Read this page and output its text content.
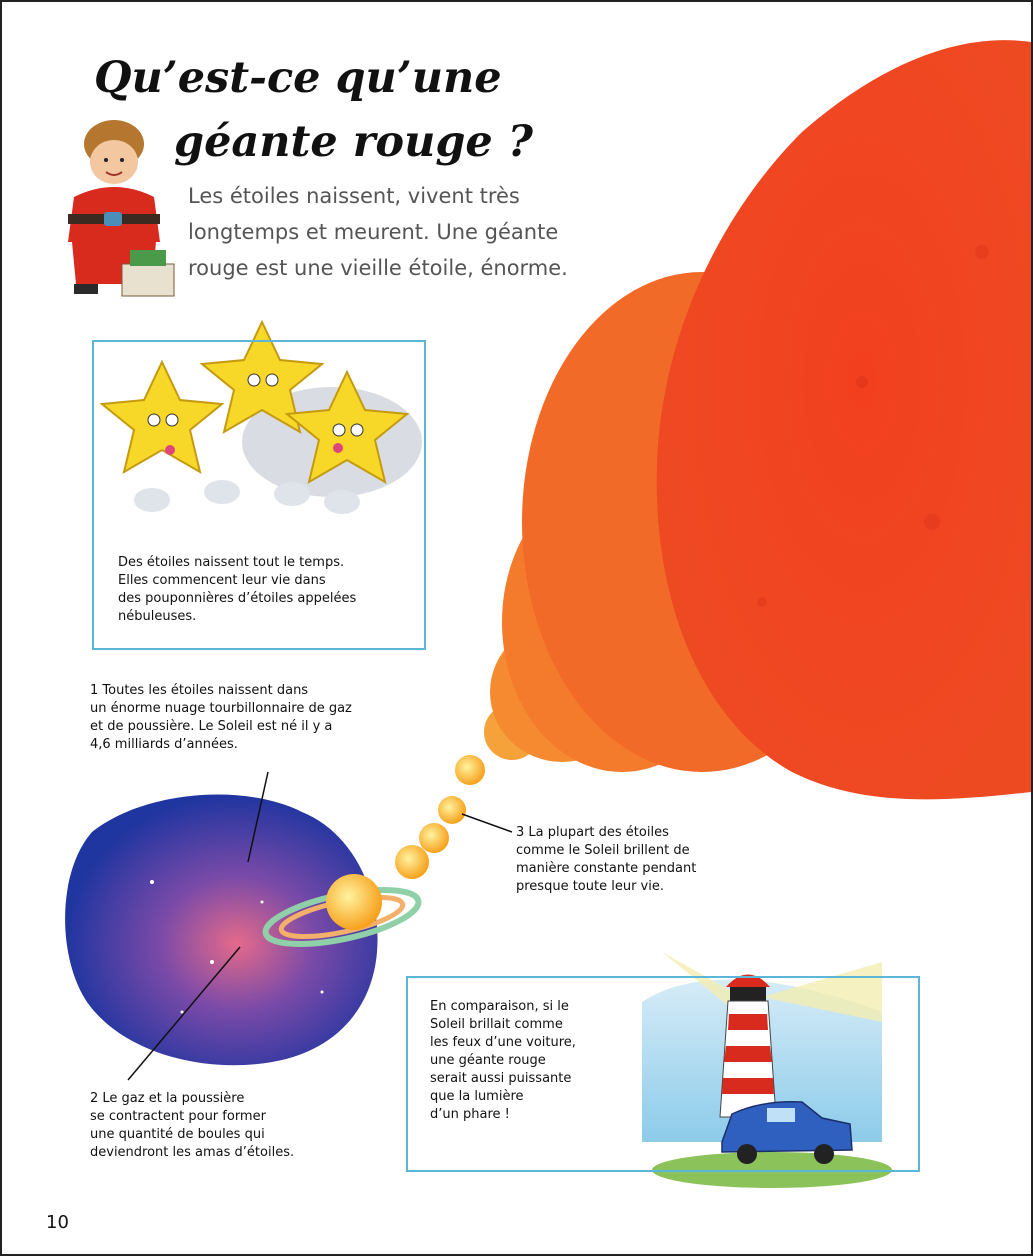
Qu’est-ce qu’une
géante rouge ?

Les étoiles naissent, vivent très
longtemps et meurent. Une géante
rouge est une vieille étoile, énorme.

Des étoiles naissent tout le temps.
Elles commencent leur vie dans
des pouponnières d’étoiles appelées
nébuleuses.

1 Toutes les étoiles naissent dans
un énorme nuage tourbillonnaire de gaz
et de poussière. Le Soleil est né il y a
4,6 milliards d’années.

3 La plupart des étoiles
comme le Soleil brillent de
manière constante pendant
presque toute leur vie.

2 Le gaz et la poussière
se contractent pour former
une quantité de boules qui
deviendront les amas d’étoiles.

En comparaison, si le
Soleil brillait comme
les feux d’une voiture,
une géante rouge
serait aussi puissante
que la lumière
d’un phare !

10
